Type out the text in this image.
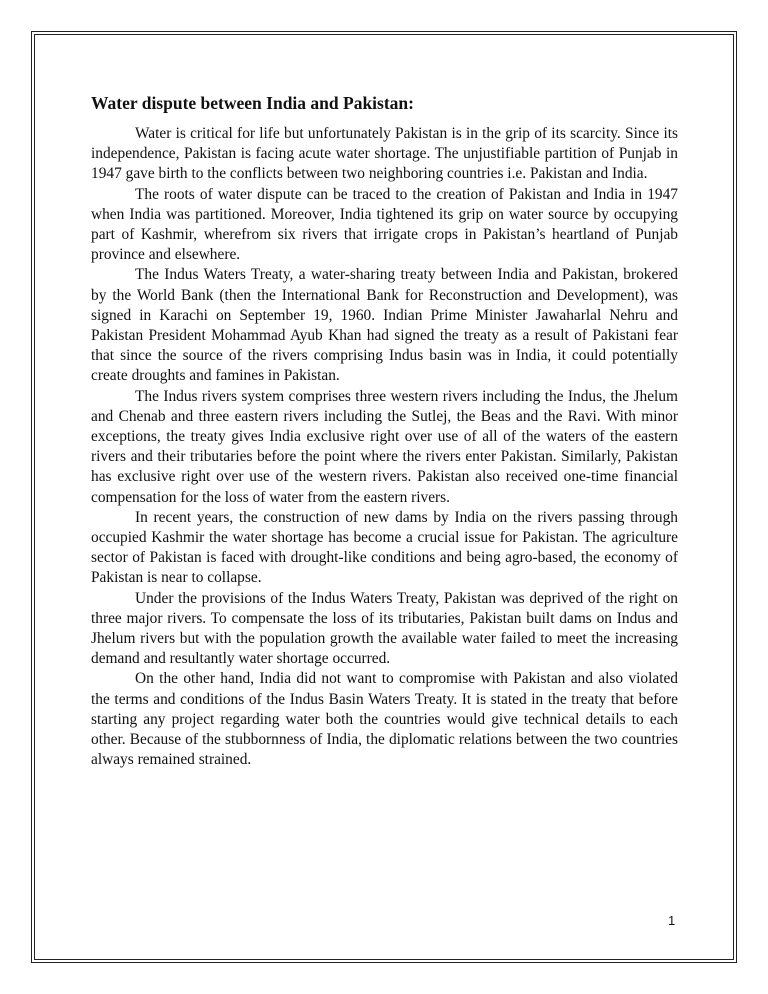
Water dispute between India and Pakistan:

Water is critical for life but unfortunately Pakistan is in the grip of its scarcity. Since its independence, Pakistan is facing acute water shortage. The unjustifiable partition of Punjab in 1947 gave birth to the conflicts between two neighboring countries i.e. Pakistan and India.

The roots of water dispute can be traced to the creation of Pakistan and India in 1947 when India was partitioned. Moreover, India tightened its grip on water source by occupying part of Kashmir, wherefrom six rivers that irrigate crops in Pakistan’s heartland of Punjab province and elsewhere.

The Indus Waters Treaty, a water-sharing treaty between India and Pakistan, brokered by the World Bank (then the International Bank for Reconstruction and Development), was signed in Karachi on September 19, 1960. Indian Prime Minister Jawaharlal Nehru and Pakistan President Mohammad Ayub Khan had signed the treaty as a result of Pakistani fear that since the source of the rivers comprising Indus basin was in India, it could potentially create droughts and famines in Pakistan.

The Indus rivers system comprises three western rivers including the Indus, the Jhelum and Chenab and three eastern rivers including the Sutlej, the Beas and the Ravi. With minor exceptions, the treaty gives India exclusive right over use of all of the waters of the eastern rivers and their tributaries before the point where the rivers enter Pakistan. Similarly, Pakistan has exclusive right over use of the western rivers. Pakistan also received one-time financial compensation for the loss of water from the eastern rivers.

In recent years, the construction of new dams by India on the rivers passing through occupied Kashmir the water shortage has become a crucial issue for Pakistan. The agriculture sector of Pakistan is faced with drought-like conditions and being agro-based, the economy of Pakistan is near to collapse.

Under the provisions of the Indus Waters Treaty, Pakistan was deprived of the right on three major rivers. To compensate the loss of its tributaries, Pakistan built dams on Indus and Jhelum rivers but with the population growth the available water failed to meet the increasing demand and resultantly water shortage occurred.

On the other hand, India did not want to compromise with Pakistan and also violated the terms and conditions of the Indus Basin Waters Treaty. It is stated in the treaty that before starting any project regarding water both the countries would give technical details to each other. Because of the stubbornness of India, the diplomatic relations between the two countries always remained strained.

1
